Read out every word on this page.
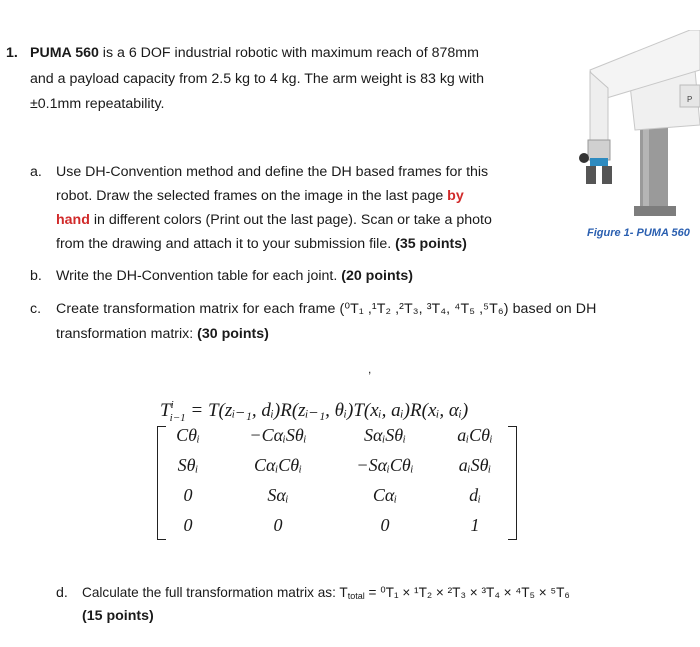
1. PUMA 560 is a 6 DOF industrial robotic with maximum reach of 878mm
and a payload capacity from 2.5 kg to 4 kg. The arm weight is 83 kg with
±0.1mm repeatability.	P
Figure 1- PUMA 560
a. Use DH-Convention method and define the DH based frames for this
robot. Draw the selected frames on the image in the last page by
hand in different colors (Print out the last page). Scan or take a photo
from the drawing and attach it to your submission file. (35 points)
b. Write the DH-Convention table for each joint. (20 points)
c. Create transformation matrix for each frame (⁰T₁ ,¹T₂ ,²T₃, ³T₄, ⁴T₅ ,⁵T₆) based on DH
transformation matrix: (30 points)
,
$T^i_{i-1}$ = T(zᵢ₋₁, dᵢ)R(zᵢ₋₁, θᵢ)T(xᵢ, aᵢ)R(xᵢ, αᵢ)
Cθᵢ	−CαᵢSθᵢ	SαᵢSθᵢ	aᵢCθᵢ
Sθᵢ	CαᵢCθᵢ	−SαᵢCθᵢ	aᵢSθᵢ
0	Sαᵢ	Cαᵢ	dᵢ
0	0	0	1
d. Calculate the full transformation matrix as: Ttotal = ⁰T₁ × ¹T₂ × ²T₃ × ³T₄ × ⁴T₅ × ⁵T₆
(15 points)
